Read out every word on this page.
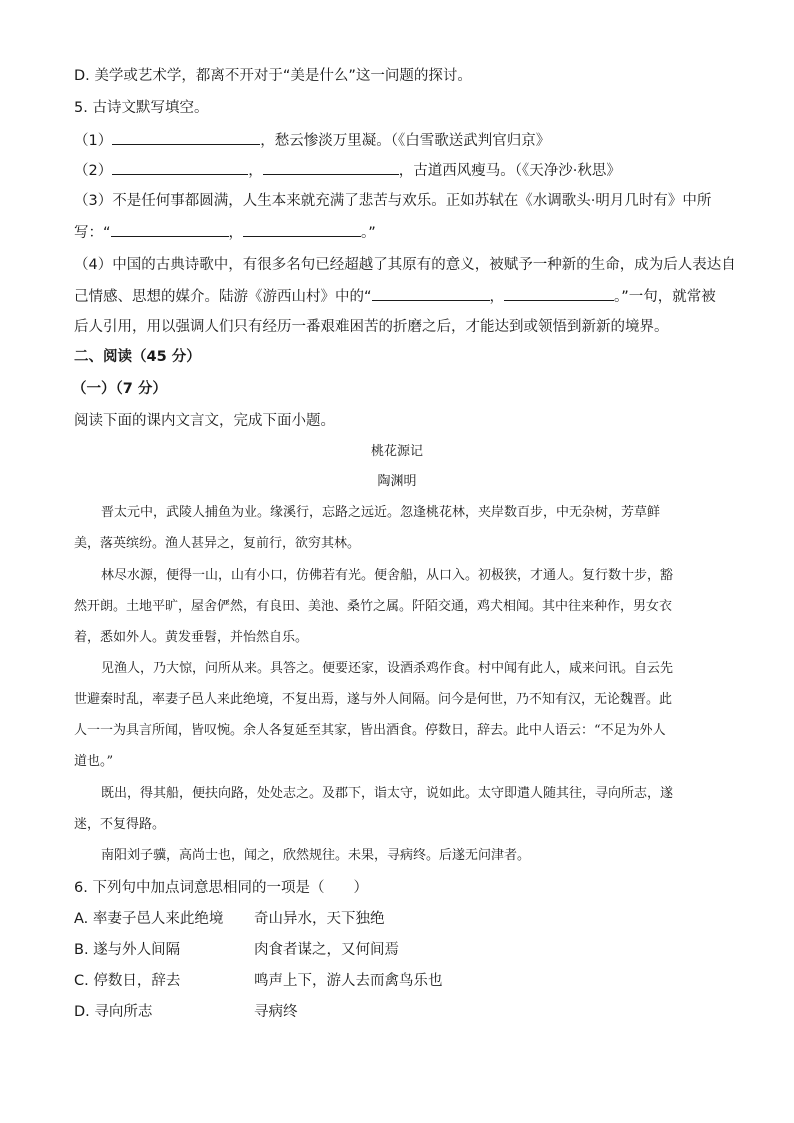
D. 美学或艺术学，都离不开对于“美是什么”这一问题的探讨。
5. 古诗文默写填空。
（1）	，愁云惨淡万里凝。（《白雪歌送武判官归京》
（2）	，	，古道西风瘦马。（《天净沙·秋思》
（3）不是任何事都圆满，人生本来就充满了悲苦与欢乐。正如苏轼在《水调歌头·明月几时有》中所
写：“	，	。”
（4）中国的古典诗歌中，有很多名句已经超越了其原有的意义，被赋予一种新的生命，成为后人表达自
己情感、思想的媒介。陆游《游西山村》中的“	，	。”一句，就常被
后人引用，用以强调人们只有经历一番艰难困苦的折磨之后，才能达到或领悟到新新的境界。
二、阅读（45 分）
（一）（7 分）
阅读下面的课内文言文，完成下面小题。
桃花源记
陶渊明
晋太元中，武陵人捕鱼为业。缘溪行，忘路之远近。忽逢桃花林，夹岸数百步，中无杂树，芳草鲜
美，落英缤纷。渔人甚异之，复前行，欲穷其林。
林尽水源，便得一山，山有小口，仿佛若有光。便舍船，从口入。初极狭，才通人。复行数十步，豁
然开朗。土地平旷，屋舍俨然，有良田、美池、桑竹之属。阡陌交通，鸡犬相闻。其中往来种作，男女衣
着，悉如外人。黄发垂髫，并怡然自乐。
见渔人，乃大惊，问所从来。具答之。便要还家，设酒杀鸡作食。村中闻有此人，咸来问讯。自云先
世避秦时乱，率妻子邑人来此绝境，不复出焉，遂与外人间隔。问今是何世，乃不知有汉，无论魏晋。此
人一一为具言所闻，皆叹惋。余人各复延至其家，皆出酒食。停数日，辞去。此中人语云：“不足为外人
道也。”
既出，得其船，便扶向路，处处志之。及郡下，诣太守，说如此。太守即遣人随其往，寻向所志，遂
迷，不复得路。
南阳刘子骥，高尚士也，闻之，欣然规往。未果，寻病终。后遂无问津者。
6. 下列句中加点词意思相同的一项是（　　）
A. 率妻子邑人来此绝境 奇山异水，天下独绝
B. 遂与外人间隔	肉食者谋之，又何间焉
C. 停数日，辞去	鸣声上下，游人去而禽鸟乐也
D. 寻向所志	寻病终
